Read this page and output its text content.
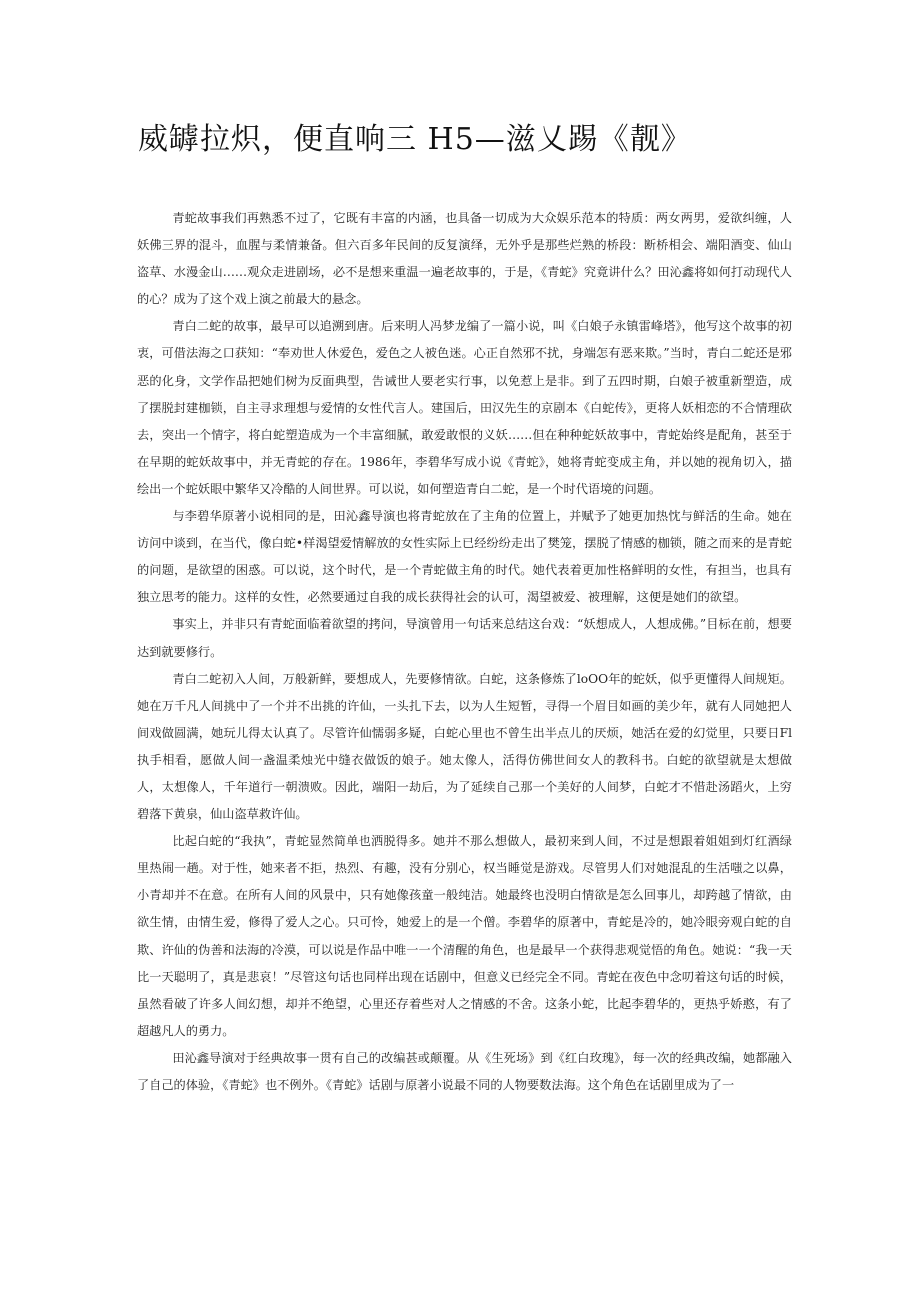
威罅拉炽，便直响三 H5—滋乂踢《靓》

青蛇故事我们再熟悉不过了，它既有丰富的内涵，也具备一切成为大众娱乐范本的特质：两女两男，爱欲纠缠，人妖佛三界的混斗，血腥与柔情兼备。但六百多年民间的反复演绎，无外乎是那些烂熟的桥段：断桥相会、端阳酒变、仙山盗草、水漫金山……观众走进剧场，必不是想来重温一遍老故事的，于是，《青蛇》究竟讲什么？田沁鑫将如何打动现代人的心？成为了这个戏上演之前最大的悬念。

青白二蛇的故事，最早可以追溯到唐。后来明人冯梦龙编了一篇小说，叫《白娘子永镇雷峰塔》，他写这个故事的初衷，可借法海之口获知：“奉劝世人休爱色，爱色之人被色迷。心正自然邪不扰，身端怎有恶来欺。”当时，青白二蛇还是邪恶的化身，文学作品把她们树为反面典型，告诫世人要老实行事，以免惹上是非。到了五四时期，白娘子被重新塑造，成了摆脱封建枷锁，自主寻求理想与爱情的女性代言人。建国后，田汉先生的京剧本《白蛇传》，更将人妖相恋的不合情理砍去，突出一个情字，将白蛇塑造成为一个丰富细腻，敢爱敢恨的义妖……但在种种蛇妖故事中，青蛇始终是配角，甚至于在早期的蛇妖故事中，并无青蛇的存在。1986年，李碧华写成小说《青蛇》，她将青蛇变成主角，并以她的视角切入，描绘出一个蛇妖眼中繁华又冷酷的人间世界。可以说，如何塑造青白二蛇，是一个时代语境的问题。

与李碧华原著小说相同的是，田沁鑫导演也将青蛇放在了主角的位置上，并赋予了她更加热忱与鲜活的生命。她在访问中谈到，在当代，像白蛇•样渴望爱情解放的女性实际上已经纷纷走出了樊笼，摆脱了情感的枷锁，随之而来的是青蛇的问题，是欲望的困惑。可以说，这个时代，是一个青蛇做主角的时代。她代表着更加性格鲜明的女性，有担当，也具有独立思考的能力。这样的女性，必然要通过自我的成长获得社会的认可，渴望被爱、被理解，这便是她们的欲望。

事实上，并非只有青蛇面临着欲望的拷问，导演曾用一句话来总结这台戏：“妖想成人，人想成佛。”目标在前，想要达到就要修行。

青白二蛇初入人间，万般新鲜，要想成人，先要修情欲。白蛇，这条修炼了loOO年的蛇妖，似乎更懂得人间规矩。她在万千凡人间挑中了一个并不出挑的许仙，一头扎下去，以为人生短暂，寻得一个眉目如画的美少年，就有人同她把人间戏做圆满，她玩儿得太认真了。尽管许仙懦弱多疑，白蛇心里也不曾生出半点儿的厌烦，她活在爱的幻觉里，只要日Fl执手相看，愿做人间一盏温柔烛光中缝衣做饭的娘子。她太像人，活得仿佛世间女人的教科书。白蛇的欲望就是太想做人，太想像人，千年道行一朝溃败。因此，端阳一劫后，为了延续自己那一个美好的人间梦，白蛇才不惜赴汤蹈火，上穷碧落下黄泉，仙山盗草救许仙。

比起白蛇的“我执”，青蛇显然简单也洒脱得多。她并不那么想做人，最初来到人间，不过是想跟着姐姐到灯红酒绿里热闹一趟。对于性，她来者不拒，热烈、有趣，没有分别心，权当睡觉是游戏。尽管男人们对她混乱的生活嗤之以鼻，小青却并不在意。在所有人间的风景中，只有她像孩童一般纯洁。她最终也没明白情欲是怎么回事儿，却跨越了情欲，由欲生情，由情生爱，修得了爱人之心。只可怜，她爱上的是一个僧。李碧华的原著中，青蛇是冷的，她冷眼旁观白蛇的自欺、许仙的伪善和法海的冷漠，可以说是作品中唯一一个清醒的角色，也是最早一个获得悲观觉悟的角色。她说：“我一天比一天聪明了，真是悲哀！”尽管这句话也同样出现在话剧中，但意义已经完全不同。青蛇在夜色中念叨着这句话的时候，虽然看破了许多人间幻想，却并不绝望，心里还存着些对人之情感的不舍。这条小蛇，比起李碧华的，更热乎娇憨，有了超越凡人的勇力。

田沁鑫导演对于经典故事一贯有自己的改编甚或颠覆。从《生死场》到《红白玫瑰》，每一次的经典改编，她都融入了自己的体验，《青蛇》也不例外。《青蛇》话剧与原著小说最不同的人物要数法海。这个角色在话剧里成为了一
